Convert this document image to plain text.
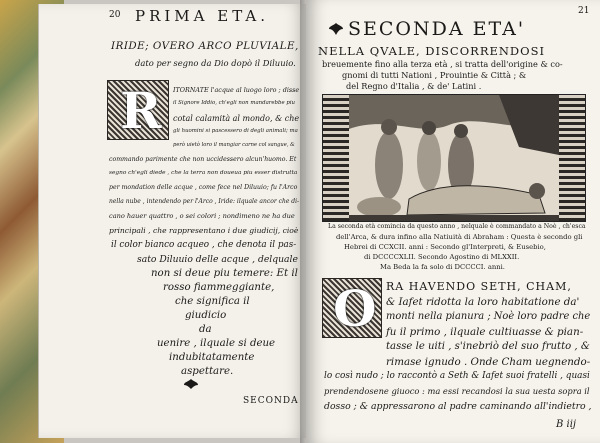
20 PRIMA ETA.
IRIDE; OVERO ARCO PLUVIALE,
dato per segno da Dio dopò il Diluuio.
R ITORNATE l'acque al luogo loro ; disse
il Signore Iddio, ch'egli non mandarebbe piu
cotal calamità al mondo, & che
gli huomini si pascessero di degli animali; ma
però uietò loro il mangiar carne col sangue, &
commando parimente che non uccidessero alcun'huomo. Et
segno ch'egli diede , che la terra non doueua piu esser distrutta
per mondation delle acque , come fece nel Diluuio; fu l'Arco
nella nube , intendendo per l'Arco , Iride: ilquale ancor che di-
cano hauer quattro , o sei colori ; nondimeno ne ha due
principali , che rappresentano i due giudicij, cioè
il color bianco acqueo , che denota il pas-
sato Diluuio delle acque , delquale
non si deue piu temere: Et il
rosso fiammeggiante,
che significa il
giudicio
da
uenire , ilquale si deue
indubitatamente
aspettare.
SECONDA
21
SECONDA ETA'
NELLA QVALE, DISCORRENDOSI
breuemente fino alla terza età , si tratta dell'origine & co-
gnomi di tutti Nationi , Prouintie & Città ; &
del Regno d'Italia , & de' Latini .
La seconda età comincia da questo anno , nelquale è commandato a Noè , ch'esca
dell'Arca, & dura infino alla Natiuità di Abraham : Questa è secondo gli
Hebrei di CCXCII. anni : Secondo gl'Interpreti, & Eusebio,
di DCCCCXLII. Secondo Agostino di MLXXII.
Ma Beda la fa solo di DCCCCI. anni.
O RA HAVENDO SETH, CHAM,
& Iafet ridotta la loro habitatione da'
monti nella pianura ; Noè loro padre che
fu il primo , ilquale cultiuasse & pian-
tasse le uiti , s'inebriò del suo frutto , &
rimase ignudo . Onde Cham uegnendo-
lo così nudo ; lo raccontò a Seth & Iafet suoi fratelli , quasi
prendendosene giuoco : ma essi recandosi la sua uesta sopra il
dosso ; & appressarono al padre caminando all'indietro ,
B iij
